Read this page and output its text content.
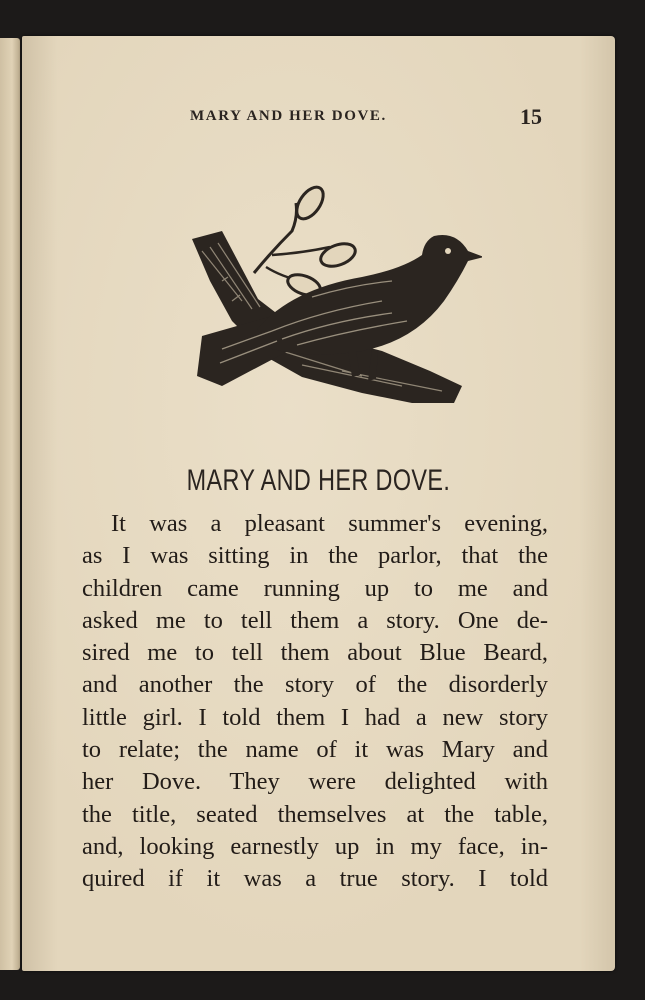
MARY AND HER DOVE.	15
MARY AND HER DOVE.
It was a pleasant summer's evening,
as I was sitting in the parlor, that the
children came running up to me and
asked me to tell them a story. One de-
sired me to tell them about Blue Beard,
and another the story of the disorderly
little girl. I told them I had a new story
to relate; the name of it was Mary and
her Dove. They were delighted with
the title, seated themselves at the table,
and, looking earnestly up in my face, in-
quired if it was a true story. I told
